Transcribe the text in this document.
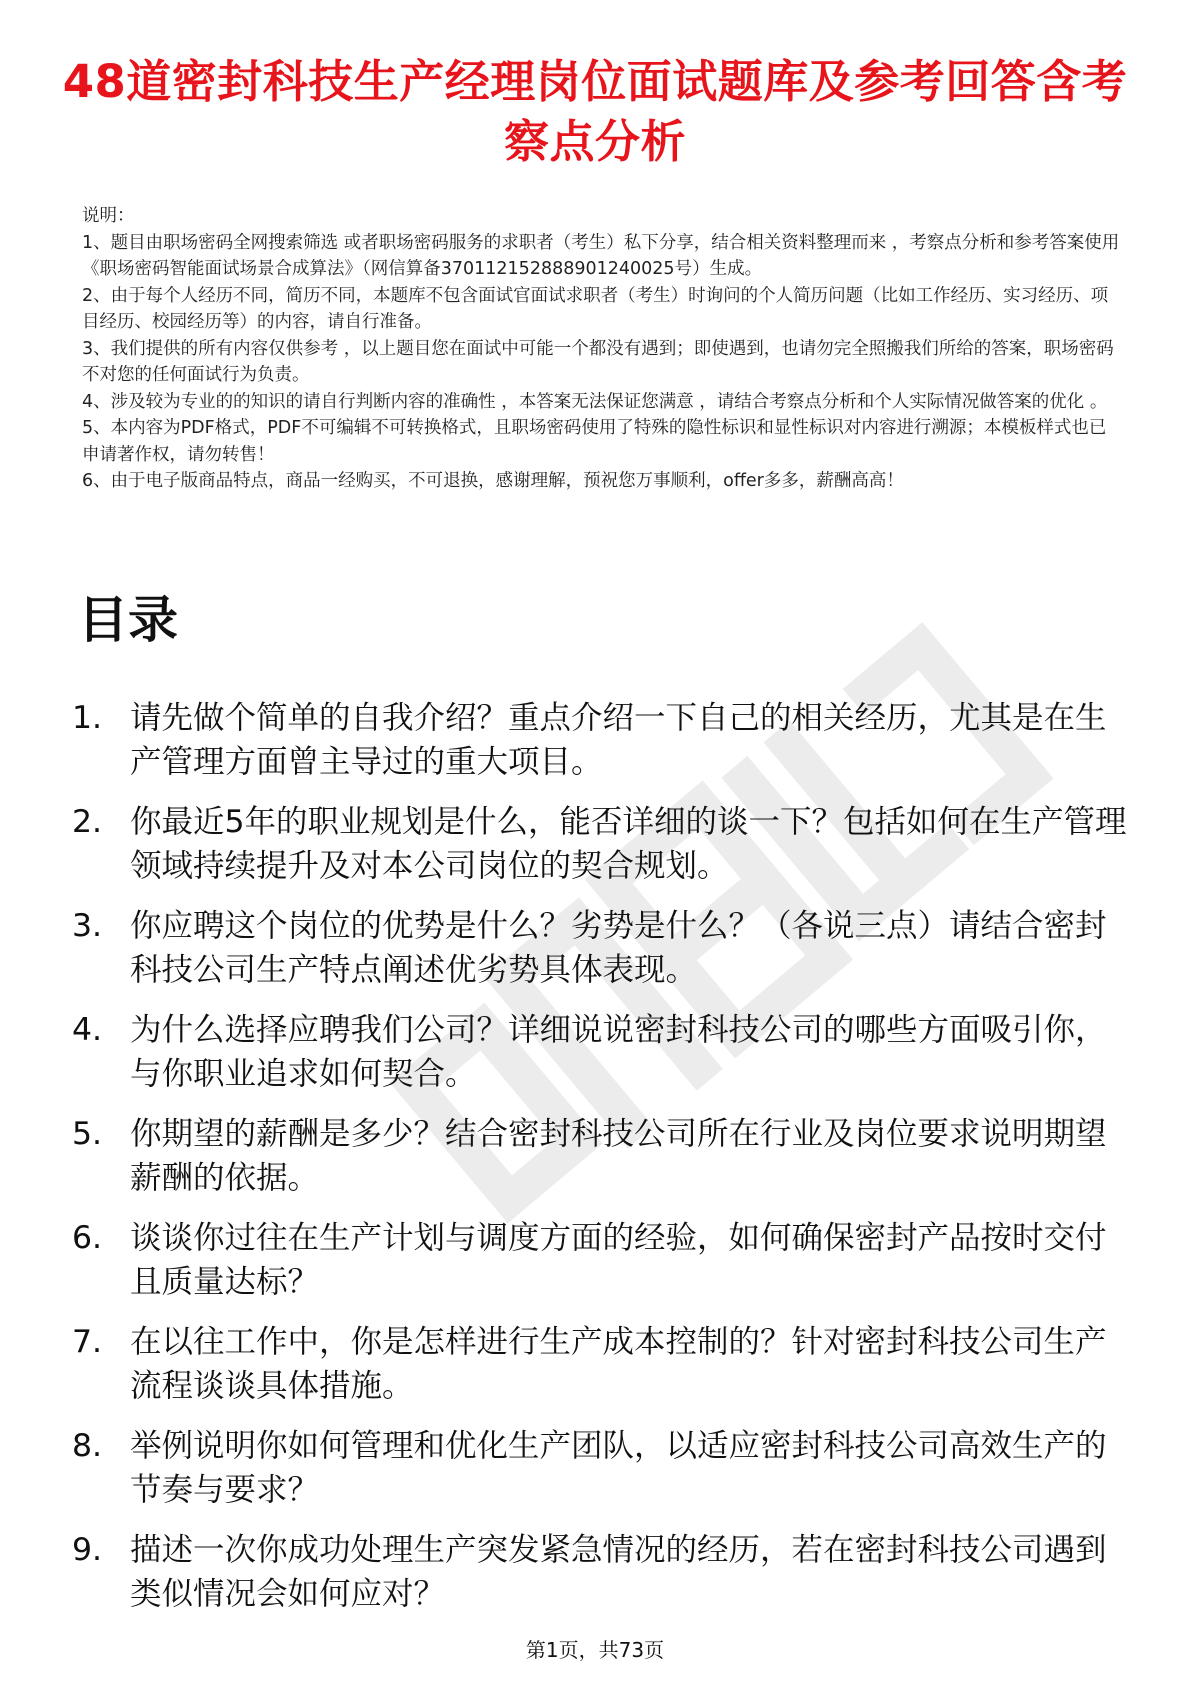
48道密封科技生产经理岗位面试题库及参考回答含考察点分析

说明：

1、题目由职场密码全网搜索筛选 或者职场密码服务的求职者（考生）私下分享，结合相关资料整理而来 ，考察点分析和参考答案使用《职场密码智能面试场景合成算法》（网信算备370112152888901240025号）生成。

2、由于每个人经历不同，简历不同，本题库不包含面试官面试求职者（考生）时询问的个人简历问题（比如工作经历、实习经历、项目经历、校园经历等）的内容，请自行准备。

3、我们提供的所有内容仅供参考 ，以上题目您在面试中可能一个都没有遇到；即使遇到，也请勿完全照搬我们所给的答案，职场密码不对您的任何面试行为负责。

4、涉及较为专业的的知识的请自行判断内容的准确性 ，本答案无法保证您满意 ，请结合考察点分析和个人实际情况做答案的优化 。

5、本内容为PDF格式，PDF不可编辑不可转换格式，且职场密码使用了特殊的隐性标识和显性标识对内容进行溯源；本模板样式也已申请著作权，请勿转售！

6、由于电子版商品特点，商品一经购买，不可退换，感谢理解，预祝您万事顺利，offer多多，薪酬高高！

目录
1. 请先做个简单的自我介绍？重点介绍一下自己的相关经历，尤其是在生产管理方面曾主导过的重大项目。
2. 你最近5年的职业规划是什么，能否详细的谈一下？包括如何在生产管理领域持续提升及对本公司岗位的契合规划。
3. 你应聘这个岗位的优势是什么？劣势是什么？（各说三点）请结合密封科技公司生产特点阐述优劣势具体表现。
4. 为什么选择应聘我们公司？详细说说密封科技公司的哪些方面吸引你，与你职业追求如何契合。
5. 你期望的薪酬是多少？结合密封科技公司所在行业及岗位要求说明期望薪酬的依据。
6. 谈谈你过往在生产计划与调度方面的经验，如何确保密封产品按时交付且质量达标？
7. 在以往工作中，你是怎样进行生产成本控制的？针对密封科技公司生产流程谈谈具体措施。
8. 举例说明你如何管理和优化生产团队，以适应密封科技公司高效生产的节奏与要求？
9. 描述一次你成功处理生产突发紧急情况的经历，若在密封科技公司遇到类似情况会如何应对？
第1页，共73页
